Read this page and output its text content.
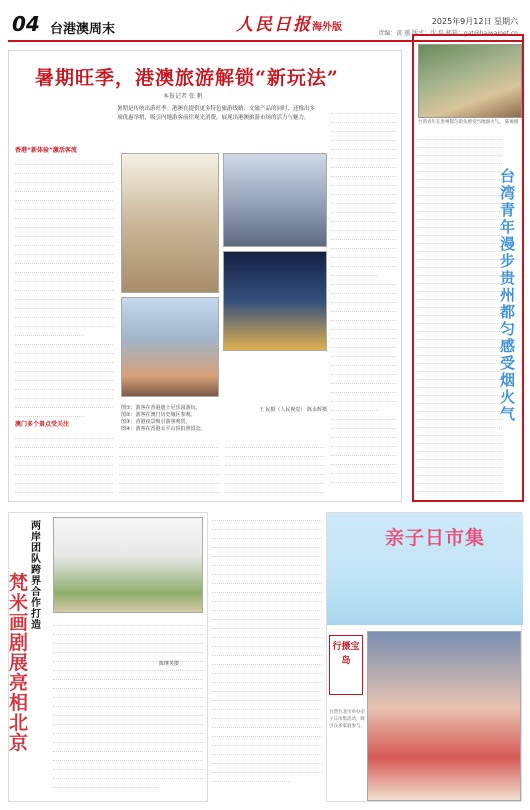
04 台港澳周末	人民日报海外版
2025年9月12日 星期六
责编：黄 蕙 版式：沈 磊 邮箱：gat@haiwainet.cn
暑期旺季，港澳旅游解锁“新玩法”
本报记者 张 帆
暑期是传统出游旺季。港澳在提供更多特色旅游线路、文旅产品的同时，还推出多项优惠举措，吸引内地游客前往观光消费，展现出港澳旅游市场的活力与魅力。
香港“新体验”激活客流
澳门多个景点受关注
图①：游客在香港迪士尼乐园游玩。
图②：游客在澳门历史城区参观。
图③：香港夜景吸引游客观赏。
图④：游客在香港太平山顶拍照留念。
王 民摄（人民视觉） 陈永辉摄
台湾青年在贵州都匀街头感受当地烟火气。 陈俊摄
台湾青年漫步贵州都匀感受烟火气
两岸团队跨界合作打造
梵米画剧展亮相北京
陈继英摄
亲子日市集
行摄宝岛
台湾台北市举办亲子日市集活动，吸引众多家庭参与。
